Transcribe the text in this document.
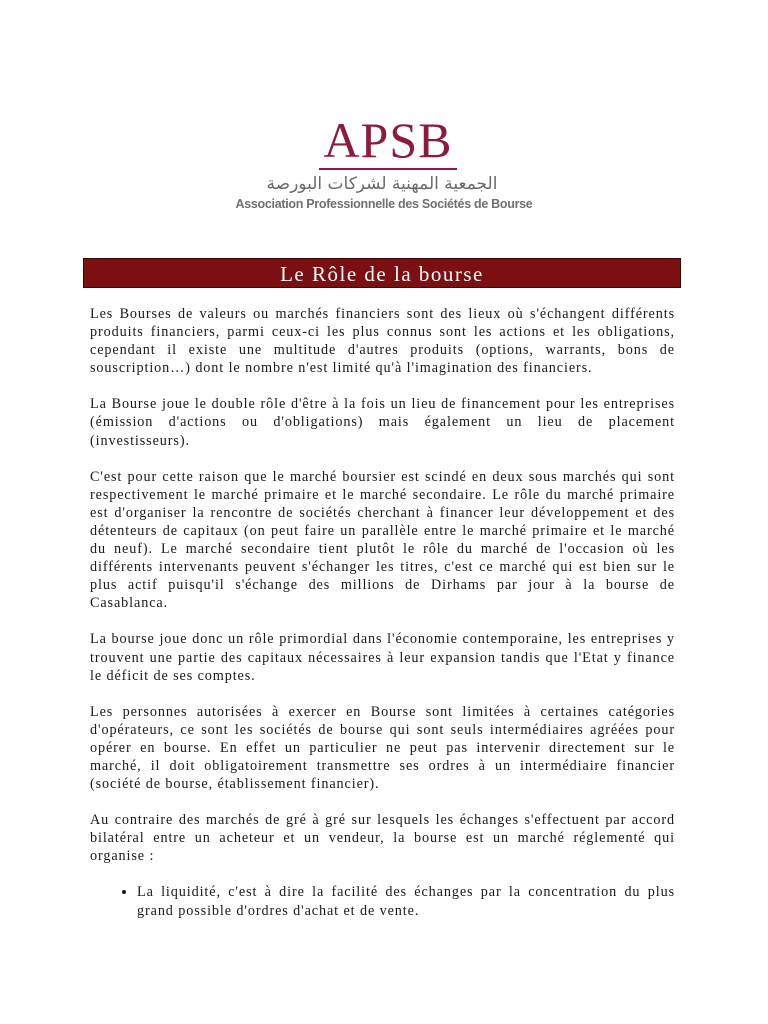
APSB
الجمعية المهنية لشركات البورصة
Association Professionnelle des Sociétés de Bourse
Le Rôle de la bourse

Les Bourses de valeurs ou marchés financiers sont des lieux où s'échangent différents produits financiers, parmi ceux-ci les plus connus sont les actions et les obligations, cependant il existe une multitude d'autres produits (options, warrants, bons de souscription…) dont le nombre n'est limité qu'à l'imagination des financiers.

La Bourse joue le double rôle d'être à la fois un lieu de financement pour les entreprises (émission d'actions ou d'obligations) mais également un lieu de placement (investisseurs).

C'est pour cette raison que le marché boursier est scindé en deux sous marchés qui sont respectivement le marché primaire et le marché secondaire. Le rôle du marché primaire est d'organiser la rencontre de sociétés cherchant à financer leur développement et des détenteurs de capitaux (on peut faire un parallèle entre le marché primaire et le marché du neuf). Le marché secondaire tient plutôt le rôle du marché de l'occasion où les différents intervenants peuvent s'échanger les titres, c'est ce marché qui est bien sur le plus actif puisqu'il s'échange des millions de Dirhams par jour à la bourse de Casablanca.

La bourse joue donc un rôle primordial dans l'économie contemporaine, les entreprises y trouvent une partie des capitaux nécessaires à leur expansion tandis que l'Etat y finance le déficit de ses comptes.

Les personnes autorisées à exercer en Bourse sont limitées à certaines catégories d'opérateurs, ce sont les sociétés de bourse qui sont seuls intermédiaires agréées pour opérer en bourse. En effet un particulier ne peut pas intervenir directement sur le marché, il doit obligatoirement transmettre ses ordres à un intermédiaire financier (société de bourse, établissement financier).

Au contraire des marchés de gré à gré sur lesquels les échanges s'effectuent par accord bilatéral entre un acheteur et un vendeur, la bourse est un marché réglementé qui organise :

• La liquidité, c'est à dire la facilité des échanges par la concentration du plus grand possible d'ordres d'achat et de vente.
